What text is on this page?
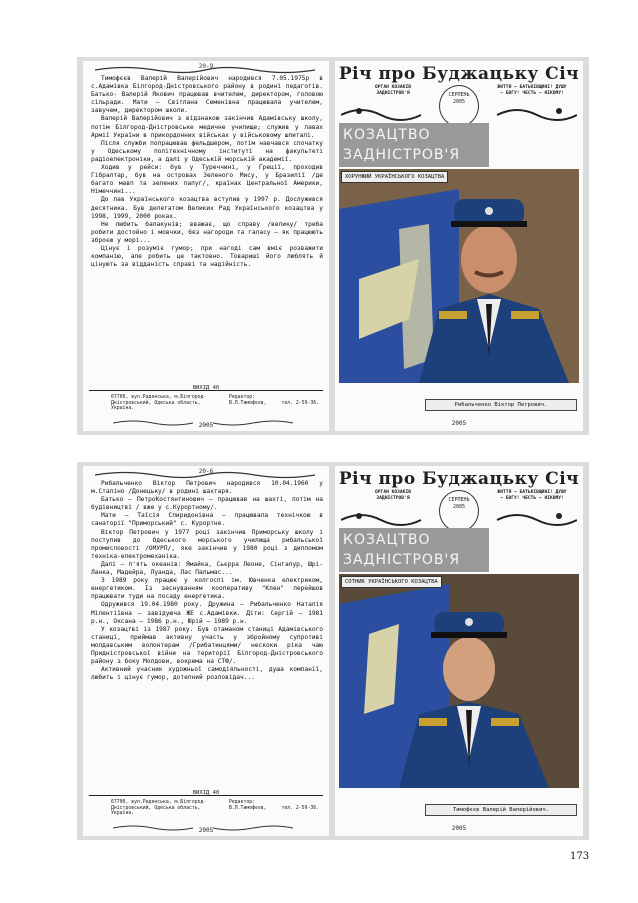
20-9

Тимофєєв Валерій Валерійович народився 7.05.1975р в с.Адамівка Білгород-Дністровського району в родині педагогів. Батько- Валерій Якович працював вчителем, директором, головою сільради. Мати – Світлана Семенівна працювала учителем, завучем, директором школи.

Валерій Валерійович з відзнакою закінчив Адамівську школу, потім Білгород-Дністровське медичне училище; служив у лавах Армії України в прикордонних військах у військовому шпиталі.

Після служби попрацював фельдшером, потім навчався спочатку у Одеському політехнічному інституті на факультеті радіоелектроніки, а далі у Одеській морській академії.

Ходив у рейси: був у Туреччині, у Греції, проходив Гібралтар, був на островах Зеленого Мису, у Бразилії /де багато мавп та зелених папуг/, країнах Центральної Америки, Німеччині...

До лав Українського козацтва вступив у 1997 р. Дослужився десятника. Був делегатом Великих Рад Українського козацтва у 1998, 1999, 2000 роках.

Не любить балакунів; вважає, що справу /велику/ треба робити достойно і мовчки, без нагороди та галасу – як працюють зброєю у морі...

Цінує і розуміє гумор; при нагоді сам вміє розважити компанію, але робить це тактовно. Товариші його люблять й цінують за відданість справі та надійність.

ВИХІД 40
67700, вул.Радянська, м.Білгород-Дністровський, Одеська область, Україна.
Редактор: В.Л.Тимофєєв,	тел. 2-59-36.
2005
Річ про Буджацьку Січ
ОРГАН КОЗАКІВ ЗАДНІСТРОВ'Я	СЕРПЕНЬ
2005
ЖИТТЯ – БАТЬКІВЩИНІ! ДУШУ – БОГУ! ЧЕСТЬ – НІКОМУ!
КОЗАЦТВО
ЗАДНІСТРОВ'Я
ХОРУНЖИЙ УКРАЇНСЬКОГО КОЗАЦТВА
Рибальченко Віктор Петрович.
2005
20-6

Рибальченко Віктор Петрович народився 10.04.1960 у м.Сталіно /Донецьку/ в родині шахтаря.

Батько – ПетроКостянтинович – працював на шахті, потім на будівництві / вже у с.Курортному/.

Мати – Таїсія Спиридонівна – працювала технічкою в санаторії "Приморський" с. Курортне.

Віктор Петрович у 1977 році закінчив Приморську школу і поступив до Одеського морського училища рибальської промисловості /ОМУРП/, яке закінчив у 1980 році з дипломом техніка-електромеханіка.

Далі – п'ять океанів: Ямайка, Сьєрра Леоне, Сінгапур, Шрі-Ланка, Мадейра, Луанда, Лас Пальмас...

З 1989 року працює у колгоспі ім. Ювченка електриком, енергетиком. Із заснуванням кооперативу "Клен" перейшов працювати туди на посаду енергетика.

Одружився 19.04.1980 року. Дружина – Рибальченко Наталія Мілентіївна – завідуюча ЖЕ с.Адамівки. Діти: Сергій – 1981 р.н., Оксана – 1986 р.н., Юрій – 1989 р.н.

У козацтві із 1987 року. Був отаманом станиці Адамівського станиці, приймав активну участь у збройному супротиві молдавським волонтерам /Грибатинцями/ нескоки ріка чаю Придністровської війни на території Білгород-Дністровського району з боку Молдови, вокрема на СТФ/.

Активний учасник художньої самодіяльності, душа компанії, любить і цінує гумор, дотепний розповідач...

ВИХІД 40
67700, вул.Радянська, м.Білгород-Дністровський, Одеська область, Україна.
Редактор: В.Л.Тимофєєв,	тел. 2-59-36.
2005
Річ про Буджацьку Січ
ОРГАН КОЗАКІВ ЗАДНІСТРОВ'Я	СЕРПЕНЬ
2005
ЖИТТЯ – БАТЬКІВЩИНІ! ДУШУ – БОГУ! ЧЕСТЬ – НІКОМУ!
КОЗАЦТВО
ЗАДНІСТРОВ'Я
СОТНИК УКРАЇНСЬКОГО КОЗАЦТВА
Тимофєєв Валерій Валерійович.
2005
173
